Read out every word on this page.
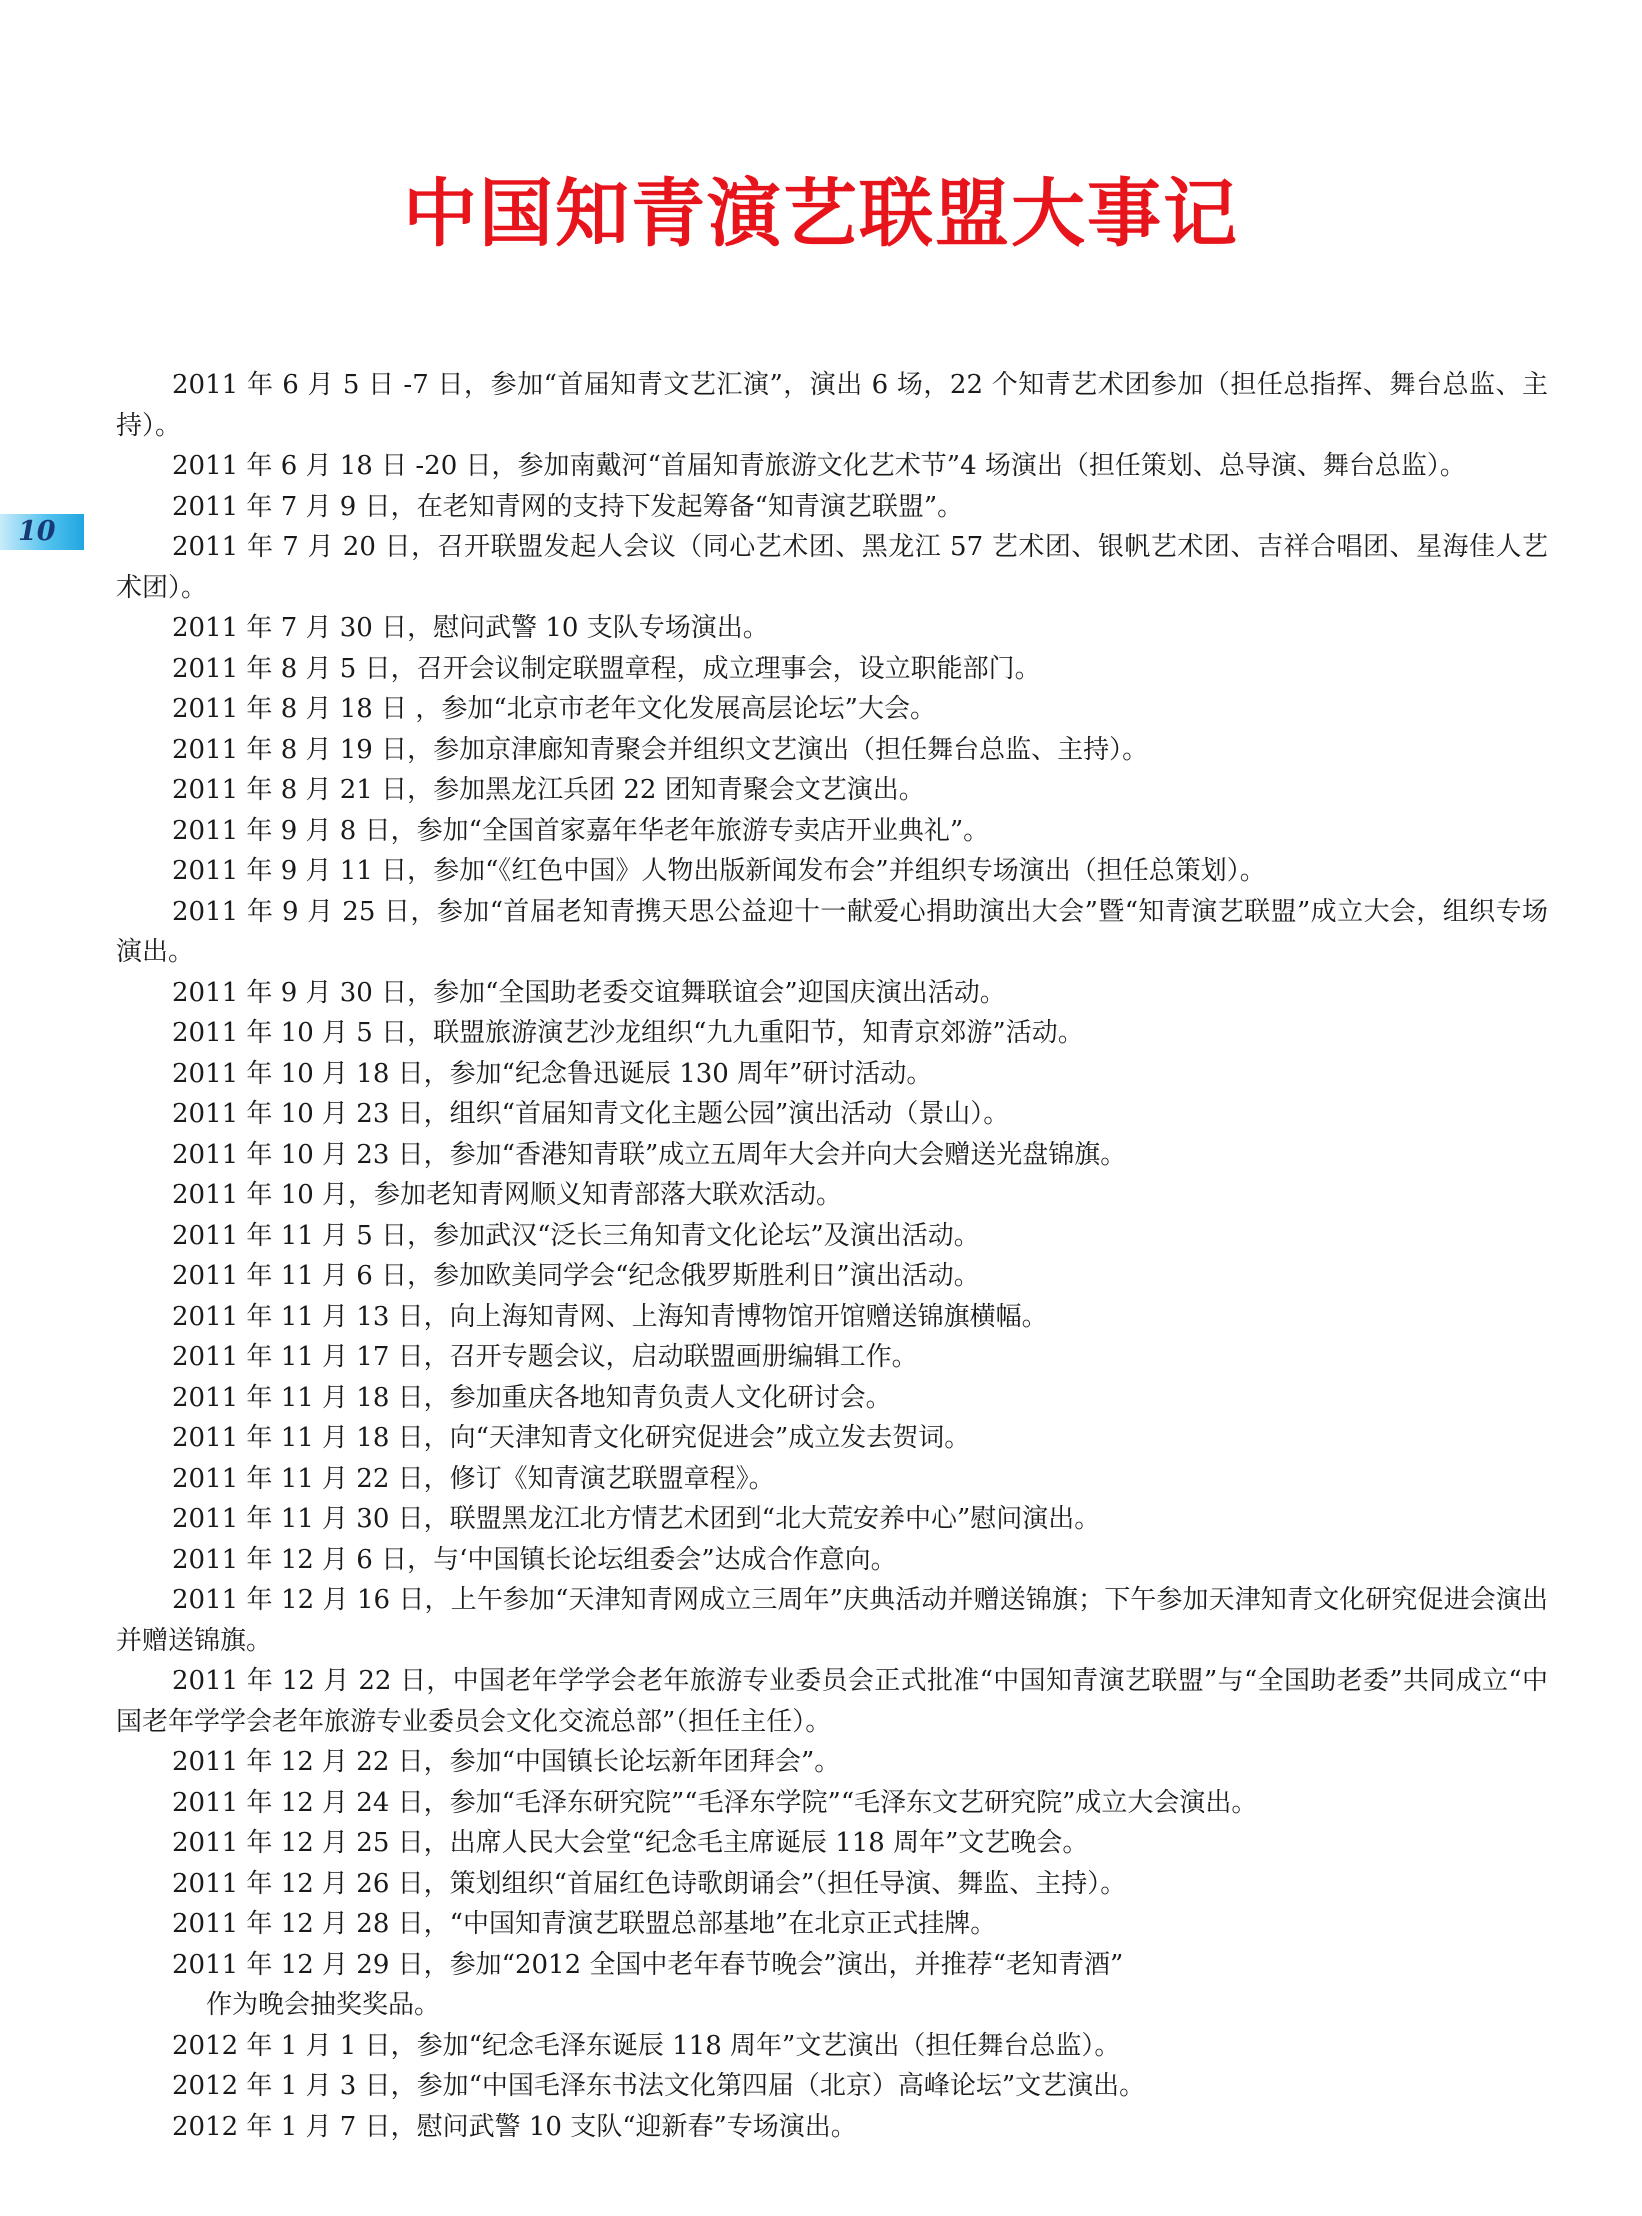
中国知青演艺联盟大事记
10
2011 年 6 月 5 日 -7 日，参加“首届知青文艺汇演”，演出 6 场，22 个知青艺术团参加（担任总指挥、舞台总监、主持）。
2011 年 6 月 18 日 -20 日，参加南戴河“首届知青旅游文化艺术节”4 场演出（担任策划、总导演、舞台总监）。
2011 年 7 月 9 日，在老知青网的支持下发起筹备“知青演艺联盟”。
2011 年 7 月 20 日，召开联盟发起人会议（同心艺术团、黑龙江 57 艺术团、银帆艺术团、吉祥合唱团、星海佳人艺术团）。
2011 年 7 月 30 日，慰问武警 10 支队专场演出。
2011 年 8 月 5 日，召开会议制定联盟章程，成立理事会，设立职能部门。
2011 年 8 月 18 日 ，参加“北京市老年文化发展高层论坛”大会。
2011 年 8 月 19 日，参加京津廊知青聚会并组织文艺演出（担任舞台总监、主持）。
2011 年 8 月 21 日，参加黑龙江兵团 22 团知青聚会文艺演出。
2011 年 9 月 8 日，参加“全国首家嘉年华老年旅游专卖店开业典礼”。
2011 年 9 月 11 日，参加“《红色中国》人物出版新闻发布会”并组织专场演出（担任总策划）。
2011 年 9 月 25 日，参加“首届老知青携天思公益迎十一献爱心捐助演出大会”暨“知青演艺联盟”成立大会，组织专场演出。
2011 年 9 月 30 日，参加“全国助老委交谊舞联谊会”迎国庆演出活动。
2011 年 10 月 5 日，联盟旅游演艺沙龙组织“九九重阳节，知青京郊游”活动。
2011 年 10 月 18 日，参加“纪念鲁迅诞辰 130 周年”研讨活动。
2011 年 10 月 23 日，组织“首届知青文化主题公园”演出活动（景山）。
2011 年 10 月 23 日，参加“香港知青联”成立五周年大会并向大会赠送光盘锦旗。
2011 年 10 月，参加老知青网顺义知青部落大联欢活动。
2011 年 11 月 5 日，参加武汉“泛长三角知青文化论坛”及演出活动。
2011 年 11 月 6 日，参加欧美同学会“纪念俄罗斯胜利日”演出活动。
2011 年 11 月 13 日，向上海知青网、上海知青博物馆开馆赠送锦旗横幅。
2011 年 11 月 17 日，召开专题会议，启动联盟画册编辑工作。
2011 年 11 月 18 日，参加重庆各地知青负责人文化研讨会。
2011 年 11 月 18 日，向“天津知青文化研究促进会”成立发去贺词。
2011 年 11 月 22 日，修订《知青演艺联盟章程》。
2011 年 11 月 30 日，联盟黑龙江北方情艺术团到“北大荒安养中心”慰问演出。
2011 年 12 月 6 日，与‘中国镇长论坛组委会”达成合作意向。
2011 年 12 月 16 日，上午参加“天津知青网成立三周年”庆典活动并赠送锦旗；下午参加天津知青文化研究促进会演出并赠送锦旗。
2011 年 12 月 22 日，中国老年学学会老年旅游专业委员会正式批准“中国知青演艺联盟”与“全国助老委”共同成立“中国老年学学会老年旅游专业委员会文化交流总部”（担任主任）。
2011 年 12 月 22 日，参加“中国镇长论坛新年团拜会”。
2011 年 12 月 24 日，参加“毛泽东研究院”“毛泽东学院”“毛泽东文艺研究院”成立大会演出。
2011 年 12 月 25 日，出席人民大会堂“纪念毛主席诞辰 118 周年”文艺晚会。
2011 年 12 月 26 日，策划组织“首届红色诗歌朗诵会”（担任导演、舞监、主持）。
2011 年 12 月 28 日，“中国知青演艺联盟总部基地”在北京正式挂牌。
2011 年 12 月 29 日，参加“2012 全国中老年春节晚会”演出，并推荐“老知青酒”
作为晚会抽奖奖品。
2012 年 1 月 1 日，参加“纪念毛泽东诞辰 118 周年”文艺演出（担任舞台总监）。
2012 年 1 月 3 日，参加“中国毛泽东书法文化第四届（北京）高峰论坛”文艺演出。
2012 年 1 月 7 日，慰问武警 10 支队“迎新春”专场演出。
